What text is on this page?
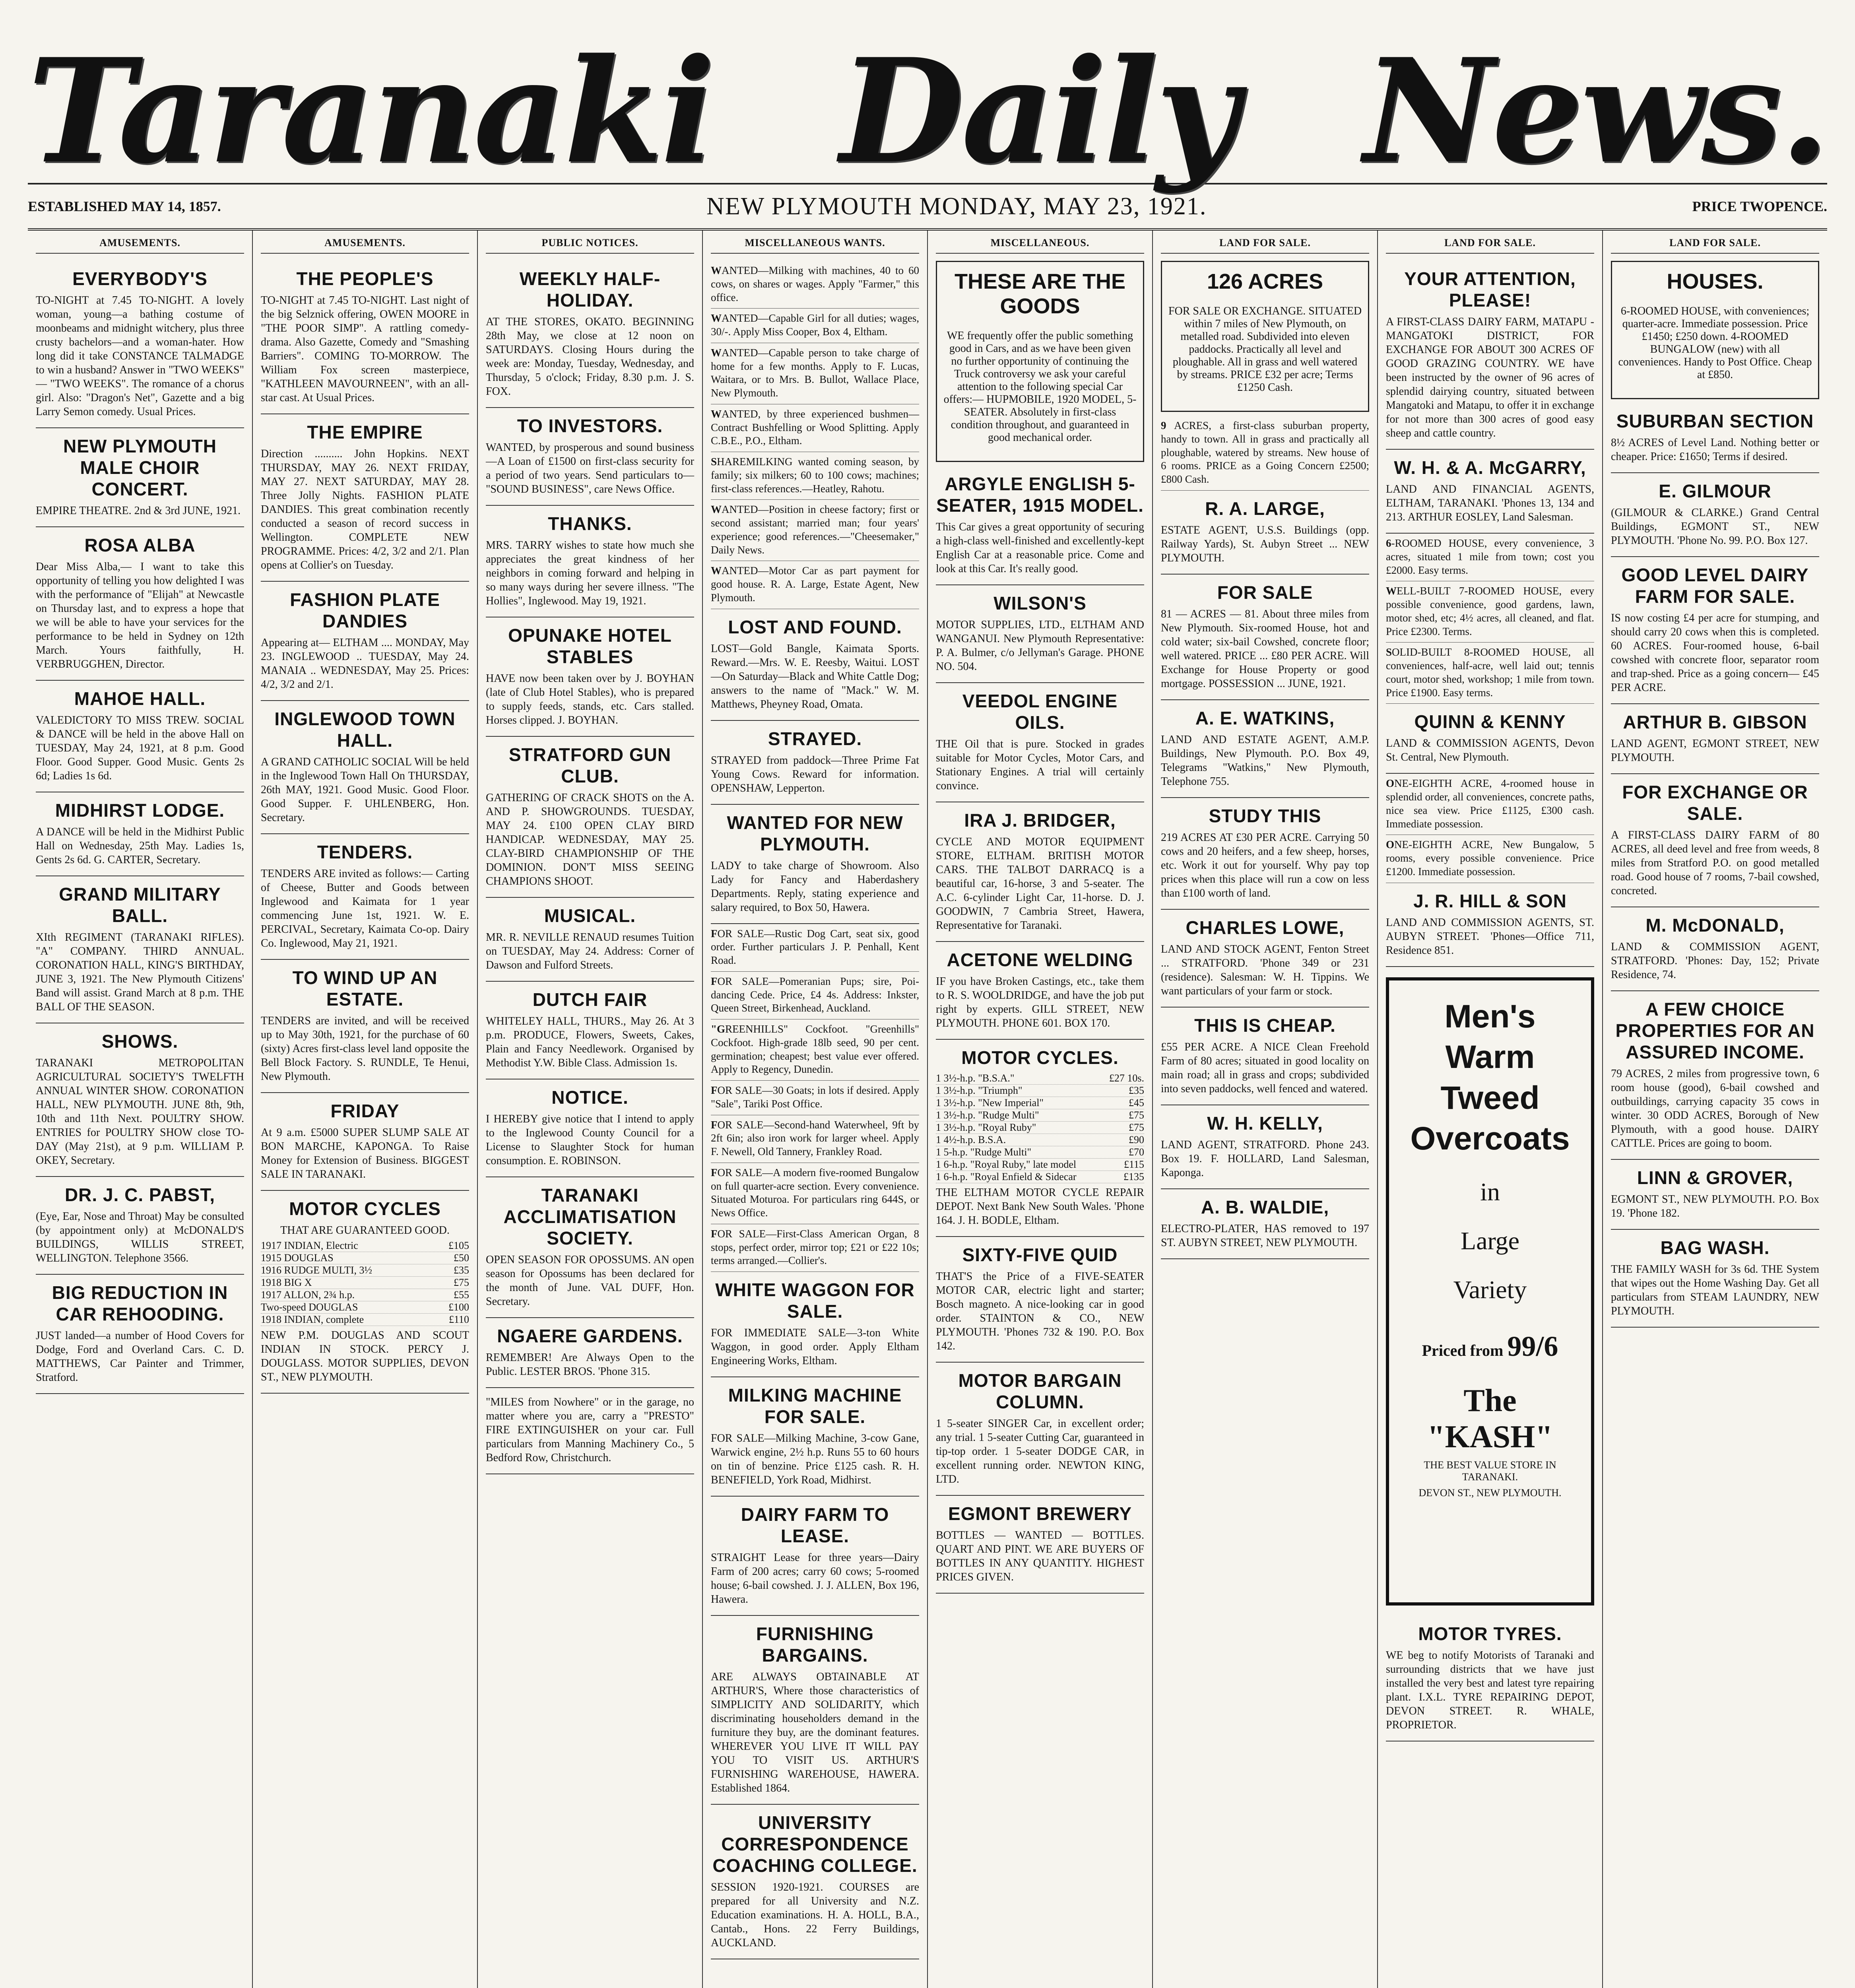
Taranaki Daily News.
ESTABLISHED MAY 14, 1857.	NEW PLYMOUTH MONDAY, MAY 23, 1921.	PRICE TWOPENCE.
AMUSEMENTS.
EVERYBODY'S

TO-NIGHT at 7.45 TO-NIGHT. A lovely woman, young—a bathing costume of moonbeams and midnight witchery, plus three crusty bachelors—and a woman-hater. How long did it take CONSTANCE TALMADGE to win a husband? Answer in "TWO WEEKS" — "TWO WEEKS". The romance of a chorus girl. Also: "Dragon's Net", Gazette and a big Larry Semon comedy. Usual Prices.

NEW PLYMOUTH MALE CHOIR CONCERT.

EMPIRE THEATRE. 2nd & 3rd JUNE, 1921.

ROSA ALBA

Dear Miss Alba,— I want to take this opportunity of telling you how delighted I was with the performance of "Elijah" at Newcastle on Thursday last, and to express a hope that we will be able to have your services for the performance to be held in Sydney on 12th March. Yours faithfully, H. VERBRUGGHEN, Director.

MAHOE HALL.

VALEDICTORY TO MISS TREW. SOCIAL & DANCE will be held in the above Hall on TUESDAY, May 24, 1921, at 8 p.m. Good Floor. Good Supper. Good Music. Gents 2s 6d; Ladies 1s 6d.

MIDHIRST LODGE.

A DANCE will be held in the Midhirst Public Hall on Wednesday, 25th May. Ladies 1s, Gents 2s 6d. G. CARTER, Secretary.

GRAND MILITARY BALL.

XIth REGIMENT (TARANAKI RIFLES). "A" COMPANY. THIRD ANNUAL. CORONATION HALL, KING'S BIRTHDAY, JUNE 3, 1921. The New Plymouth Citizens' Band will assist. Grand March at 8 p.m. THE BALL OF THE SEASON.

SHOWS.

TARANAKI METROPOLITAN AGRICULTURAL SOCIETY'S TWELFTH ANNUAL WINTER SHOW. CORONATION HALL, NEW PLYMOUTH. JUNE 8th, 9th, 10th and 11th Next. POULTRY SHOW. ENTRIES for POULTRY SHOW close TO-DAY (May 21st), at 9 p.m. WILLIAM P. OKEY, Secretary.

DR. J. C. PABST,

(Eye, Ear, Nose and Throat) May be consulted (by appointment only) at McDONALD'S BUILDINGS, WILLIS STREET, WELLINGTON. Telephone 3566.

BIG REDUCTION IN CAR REHOODING.

JUST landed—a number of Hood Covers for Dodge, Ford and Overland Cars. C. D. MATTHEWS, Car Painter and Trimmer, Stratford.

AMUSEMENTS.
THE PEOPLE'S

TO-NIGHT at 7.45 TO-NIGHT. Last night of the big Selznick offering, OWEN MOORE in "THE POOR SIMP". A rattling comedy-drama. Also Gazette, Comedy and "Smashing Barriers". COMING TO-MORROW. The William Fox screen masterpiece, "KATHLEEN MAVOURNEEN", with an all-star cast. At Usual Prices.

THE EMPIRE

Direction .......... John Hopkins. NEXT THURSDAY, MAY 26. NEXT FRIDAY, MAY 27. NEXT SATURDAY, MAY 28. Three Jolly Nights. FASHION PLATE DANDIES. This great combination recently conducted a season of record success in Wellington. COMPLETE NEW PROGRAMME. Prices: 4/2, 3/2 and 2/1. Plan opens at Collier's on Tuesday.

FASHION PLATE DANDIES

Appearing at— ELTHAM .... MONDAY, May 23. INGLEWOOD .. TUESDAY, May 24. MANAIA .. WEDNESDAY, May 25. Prices: 4/2, 3/2 and 2/1.

INGLEWOOD TOWN HALL.

A GRAND CATHOLIC SOCIAL Will be held in the Inglewood Town Hall On THURSDAY, 26th MAY, 1921. Good Music. Good Floor. Good Supper. F. UHLENBERG, Hon. Secretary.

TENDERS.

TENDERS ARE invited as follows:— Carting of Cheese, Butter and Goods between Inglewood and Kaimata for 1 year commencing June 1st, 1921. W. E. PERCIVAL, Secretary, Kaimata Co-op. Dairy Co. Inglewood, May 21, 1921.

TO WIND UP AN ESTATE.

TENDERS are invited, and will be received up to May 30th, 1921, for the purchase of 60 (sixty) Acres first-class level land opposite the Bell Block Factory. S. RUNDLE, Te Henui, New Plymouth.

FRIDAY

At 9 a.m. £5000 SUPER SLUMP SALE AT BON MARCHE, KAPONGA. To Raise Money for Extension of Business. BIGGEST SALE IN TARANAKI.

MOTOR CYCLES

THAT ARE GUARANTEED GOOD.

1917 INDIAN, Electric	£105
1915 DOUGLAS	£50
1916 RUDGE MULTI, 3½	£35
1918 BIG X	£75
1917 ALLON, 2¾ h.p.	£55
Two-speed DOUGLAS	£100
1918 INDIAN, complete	£110

NEW P.M. DOUGLAS AND SCOUT INDIAN IN STOCK. PERCY J. DOUGLASS. MOTOR SUPPLIES, DEVON ST., NEW PLYMOUTH.

PUBLIC NOTICES.
WEEKLY HALF-HOLIDAY.

AT THE STORES, OKATO. BEGINNING 28th May, we close at 12 noon on SATURDAYS. Closing Hours during the week are: Monday, Tuesday, Wednesday, and Thursday, 5 o'clock; Friday, 8.30 p.m. J. S. FOX.

TO INVESTORS.

WANTED, by prosperous and sound business—A Loan of £1500 on first-class security for a period of two years. Send particulars to— "SOUND BUSINESS", care News Office.

THANKS.

MRS. TARRY wishes to state how much she appreciates the great kindness of her neighbors in coming forward and helping in so many ways during her severe illness. "The Hollies", Inglewood. May 19, 1921.

OPUNAKE HOTEL STABLES

HAVE now been taken over by J. BOYHAN (late of Club Hotel Stables), who is prepared to supply feeds, stands, etc. Cars stalled. Horses clipped. J. BOYHAN.

STRATFORD GUN CLUB.

GATHERING OF CRACK SHOTS on the A. AND P. SHOWGROUNDS. TUESDAY, MAY 24. £100 OPEN CLAY BIRD HANDICAP. WEDNESDAY, MAY 25. CLAY-BIRD CHAMPIONSHIP OF THE DOMINION. DON'T MISS SEEING CHAMPIONS SHOOT.

MUSICAL.

MR. R. NEVILLE RENAUD resumes Tuition on TUESDAY, May 24. Address: Corner of Dawson and Fulford Streets.

DUTCH FAIR

WHITELEY HALL, THURS., May 26. At 3 p.m. PRODUCE, Flowers, Sweets, Cakes, Plain and Fancy Needlework. Organised by Methodist Y.W. Bible Class. Admission 1s.

NOTICE.

I HEREBY give notice that I intend to apply to the Inglewood County Council for a License to Slaughter Stock for human consumption. E. ROBINSON.

TARANAKI ACCLIMATISATION SOCIETY.

OPEN SEASON FOR OPOSSUMS. AN open season for Opossums has been declared for the month of June. VAL DUFF, Hon. Secretary.

NGAERE GARDENS.

REMEMBER! Are Always Open to the Public. LESTER BROS. 'Phone 315.

"MILES from Nowhere" or in the garage, no matter where you are, carry a "PRESTO" FIRE EXTINGUISHER on your car. Full particulars from Manning Machinery Co., 5 Bedford Row, Christchurch.

MISCELLANEOUS WANTS.

WANTED—Milking with machines, 40 to 60 cows, on shares or wages. Apply "Farmer," this office.

WANTED—Capable Girl for all duties; wages, 30/-. Apply Miss Cooper, Box 4, Eltham.

WANTED—Capable person to take charge of home for a few months. Apply to F. Lucas, Waitara, or to Mrs. B. Bullot, Wallace Place, New Plymouth.

WANTED, by three experienced bushmen—Contract Bushfelling or Wood Splitting. Apply C.B.E., P.O., Eltham.

SHAREMILKING wanted coming season, by family; six milkers; 60 to 100 cows; machines; first-class references.—Heatley, Rahotu.

WANTED—Position in cheese factory; first or second assistant; married man; four years' experience; good references.—"Cheesemaker," Daily News.

WANTED—Motor Car as part payment for good house. R. A. Large, Estate Agent, New Plymouth.

LOST AND FOUND.

LOST—Gold Bangle, Kaimata Sports. Reward.—Mrs. W. E. Reesby, Waitui. LOST—On Saturday—Black and White Cattle Dog; answers to the name of "Mack." W. M. Matthews, Pheyney Road, Omata.

STRAYED.

STRAYED from paddock—Three Prime Fat Young Cows. Reward for information. OPENSHAW, Lepperton.

WANTED FOR NEW PLYMOUTH.

LADY to take charge of Showroom. Also Lady for Fancy and Haberdashery Departments. Reply, stating experience and salary required, to Box 50, Hawera.

FOR SALE—Rustic Dog Cart, seat six, good order. Further particulars J. P. Penhall, Kent Road.

FOR SALE—Pomeranian Pups; sire, Poi-dancing Cede. Price, £4 4s. Address: Inkster, Queen Street, Birkenhead, Auckland.

"GREENHILLS" Cockfoot. "Greenhills" Cockfoot. High-grade 18lb seed, 90 per cent. germination; cheapest; best value ever offered. Apply to Regency, Dunedin.

FOR SALE—30 Goats; in lots if desired. Apply "Sale", Tariki Post Office.

FOR SALE—Second-hand Waterwheel, 9ft by 2ft 6in; also iron work for larger wheel. Apply F. Newell, Old Tannery, Frankley Road.

FOR SALE—A modern five-roomed Bungalow on full quarter-acre section. Every convenience. Situated Moturoa. For particulars ring 644S, or News Office.

FOR SALE—First-Class American Organ, 8 stops, perfect order, mirror top; £21 or £22 10s; terms arranged.—Collier's.

WHITE WAGGON FOR SALE.

FOR IMMEDIATE SALE—3-ton White Waggon, in good order. Apply Eltham Engineering Works, Eltham.

MILKING MACHINE FOR SALE.

FOR SALE—Milking Machine, 3-cow Gane, Warwick engine, 2½ h.p. Runs 55 to 60 hours on tin of benzine. Price £125 cash. R. H. BENEFIELD, York Road, Midhirst.

DAIRY FARM TO LEASE.

STRAIGHT Lease for three years—Dairy Farm of 200 acres; carry 60 cows; 5-roomed house; 6-bail cowshed. J. J. ALLEN, Box 196, Hawera.

FURNISHING BARGAINS.

ARE ALWAYS OBTAINABLE AT ARTHUR'S, Where those characteristics of SIMPLICITY AND SOLIDARITY, which discriminating householders demand in the furniture they buy, are the dominant features. WHEREVER YOU LIVE IT WILL PAY YOU TO VISIT US. ARTHUR'S FURNISHING WAREHOUSE, HAWERA. Established 1864.

UNIVERSITY CORRESPONDENCE COACHING COLLEGE.

SESSION 1920-1921. COURSES are prepared for all University and N.Z. Education examinations. H. A. HOLL, B.A., Cantab., Hons. 22 Ferry Buildings, AUCKLAND.

MISCELLANEOUS.
THESE ARE THE GOODS

WE frequently offer the public something good in Cars, and as we have been given no further opportunity of continuing the Truck controversy we ask your careful attention to the following special Car offers:— HUPMOBILE, 1920 MODEL, 5-SEATER. Absolutely in first-class condition throughout, and guaranteed in good mechanical order.

ARGYLE ENGLISH 5-SEATER, 1915 MODEL.

This Car gives a great opportunity of securing a high-class well-finished and excellently-kept English Car at a reasonable price. Come and look at this Car. It's really good.

WILSON'S

MOTOR SUPPLIES, LTD., ELTHAM AND WANGANUI. New Plymouth Representative: P. A. Bulmer, c/o Jellyman's Garage. PHONE NO. 504.

VEEDOL ENGINE OILS.

THE Oil that is pure. Stocked in grades suitable for Motor Cycles, Motor Cars, and Stationary Engines. A trial will certainly convince.

IRA J. BRIDGER,

CYCLE AND MOTOR EQUIPMENT STORE, ELTHAM. BRITISH MOTOR CARS. THE TALBOT DARRACQ is a beautiful car, 16-horse, 3 and 5-seater. The A.C. 6-cylinder Light Car, 11-horse. D. J. GOODWIN, 7 Cambria Street, Hawera, Representative for Taranaki.

ACETONE WELDING

IF you have Broken Castings, etc., take them to R. S. WOOLDRIDGE, and have the job put right by experts. GILL STREET, NEW PLYMOUTH. PHONE 601. BOX 170.

MOTOR CYCLES.
1 3½-h.p. "B.S.A."	£27 10s.
1 3½-h.p. "Triumph"	£35
1 3½-h.p. "New Imperial"	£45
1 3½-h.p. "Rudge Multi"	£75
1 3½-h.p. "Royal Ruby"	£75
1 4½-h.p. B.S.A.	£90
1 5-h.p. "Rudge Multi"	£70
1 6-h.p. "Royal Ruby," late model	£115
1 6-h.p. "Royal Enfield & Sidecar	£135

THE ELTHAM MOTOR CYCLE REPAIR DEPOT. Next Bank New South Wales. 'Phone 164. J. H. BODLE, Eltham.

SIXTY-FIVE QUID

THAT'S the Price of a FIVE-SEATER MOTOR CAR, electric light and starter; Bosch magneto. A nice-looking car in good order. STAINTON & CO., NEW PLYMOUTH. 'Phones 732 & 190. P.O. Box 142.

MOTOR BARGAIN COLUMN.

1 5-seater SINGER Car, in excellent order; any trial. 1 5-seater Cutting Car, guaranteed in tip-top order. 1 5-seater DODGE CAR, in excellent running order. NEWTON KING, LTD.

EGMONT BREWERY

BOTTLES — WANTED — BOTTLES. QUART AND PINT. WE ARE BUYERS OF BOTTLES IN ANY QUANTITY. HIGHEST PRICES GIVEN.

LAND FOR SALE.
126 ACRES

FOR SALE OR EXCHANGE. SITUATED within 7 miles of New Plymouth, on metalled road. Subdivided into eleven paddocks. Practically all level and ploughable. All in grass and well watered by streams. PRICE £32 per acre; Terms £1250 Cash.

9 ACRES, a first-class suburban property, handy to town. All in grass and practically all ploughable, watered by streams. New house of 6 rooms. PRICE as a Going Concern £2500; £800 Cash.

R. A. LARGE,

ESTATE AGENT, U.S.S. Buildings (opp. Railway Yards), St. Aubyn Street ... NEW PLYMOUTH.

FOR SALE

81 — ACRES — 81. About three miles from New Plymouth. Six-roomed House, hot and cold water; six-bail Cowshed, concrete floor; well watered. PRICE ... £80 PER ACRE. Will Exchange for House Property or good mortgage. POSSESSION ... JUNE, 1921.

A. E. WATKINS,

LAND AND ESTATE AGENT, A.M.P. Buildings, New Plymouth. P.O. Box 49, Telegrams "Watkins," New Plymouth, Telephone 755.

STUDY THIS

219 ACRES AT £30 PER ACRE. Carrying 50 cows and 20 heifers, and a few sheep, horses, etc. Work it out for yourself. Why pay top prices when this place will run a cow on less than £100 worth of land.

CHARLES LOWE,

LAND AND STOCK AGENT, Fenton Street ... STRATFORD. 'Phone 349 or 231 (residence). Salesman: W. H. Tippins. We want particulars of your farm or stock.

THIS IS CHEAP.

£55 PER ACRE. A NICE Clean Freehold Farm of 80 acres; situated in good locality on main road; all in grass and crops; subdivided into seven paddocks, well fenced and watered.

W. H. KELLY,

LAND AGENT, STRATFORD. Phone 243. Box 19. F. HOLLARD, Land Salesman, Kaponga.

A. B. WALDIE,

ELECTRO-PLATER, HAS removed to 197 ST. AUBYN STREET, NEW PLYMOUTH.

LAND FOR SALE.
YOUR ATTENTION, PLEASE!

A FIRST-CLASS DAIRY FARM, MATAPU - MANGATOKI DISTRICT, FOR EXCHANGE FOR ABOUT 300 ACRES OF GOOD GRAZING COUNTRY. WE have been instructed by the owner of 96 acres of splendid dairying country, situated between Mangatoki and Matapu, to offer it in exchange for not more than 300 acres of good easy sheep and cattle country.

W. H. & A. McGARRY,

LAND AND FINANCIAL AGENTS, ELTHAM, TARANAKI. 'Phones 13, 134 and 213. ARTHUR EOSLEY, Land Salesman.

6-ROOMED HOUSE, every convenience, 3 acres, situated 1 mile from town; cost you £2000. Easy terms.

WELL-BUILT 7-ROOMED HOUSE, every possible convenience, good gardens, lawn, motor shed, etc; 4½ acres, all cleaned, and flat. Price £2300. Terms.

SOLID-BUILT 8-ROOMED HOUSE, all conveniences, half-acre, well laid out; tennis court, motor shed, workshop; 1 mile from town. Price £1900. Easy terms.

QUINN & KENNY

LAND & COMMISSION AGENTS, Devon St. Central, New Plymouth.

ONE-EIGHTH ACRE, 4-roomed house in splendid order, all conveniences, concrete paths, nice sea view. Price £1125, £300 cash. Immediate possession.

ONE-EIGHTH ACRE, New Bungalow, 5 rooms, every possible convenience. Price £1200. Immediate possession.

J. R. HILL & SON

LAND AND COMMISSION AGENTS, ST. AUBYN STREET. 'Phones—Office 711, Residence 851.

Men's
Warm Tweed
Overcoats
in
Large
Variety
Priced from 99/6
The "KASH"
THE BEST VALUE STORE IN TARANAKI.
DEVON ST., NEW PLYMOUTH.
MOTOR TYRES.

WE beg to notify Motorists of Taranaki and surrounding districts that we have just installed the very best and latest tyre repairing plant. I.X.L. TYRE REPAIRING DEPOT, DEVON STREET. R. WHALE, PROPRIETOR.

LAND FOR SALE.
HOUSES.

6-ROOMED HOUSE, with conveniences; quarter-acre. Immediate possession. Price £1450; £250 down. 4-ROOMED BUNGALOW (new) with all conveniences. Handy to Post Office. Cheap at £850.

SUBURBAN SECTION

8½ ACRES of Level Land. Nothing better or cheaper. Price: £1650; Terms if desired.

E. GILMOUR

(GILMOUR & CLARKE.) Grand Central Buildings, EGMONT ST., NEW PLYMOUTH. 'Phone No. 99. P.O. Box 127.

GOOD LEVEL DAIRY FARM FOR SALE.

IS now costing £4 per acre for stumping, and should carry 20 cows when this is completed. 60 ACRES. Four-roomed house, 6-bail cowshed with concrete floor, separator room and trap-shed. Price as a going concern— £45 PER ACRE.

ARTHUR B. GIBSON

LAND AGENT, EGMONT STREET, NEW PLYMOUTH.

FOR EXCHANGE OR SALE.

A FIRST-CLASS DAIRY FARM of 80 ACRES, all deed level and free from weeds, 8 miles from Stratford P.O. on good metalled road. Good house of 7 rooms, 7-bail cowshed, concreted.

M. McDONALD,

LAND & COMMISSION AGENT, STRATFORD. 'Phones: Day, 152; Private Residence, 74.

A FEW CHOICE PROPERTIES FOR AN ASSURED INCOME.

79 ACRES, 2 miles from progressive town, 6 room house (good), 6-bail cowshed and outbuildings, carrying capacity 35 cows in winter. 30 ODD ACRES, Borough of New Plymouth, with a good house. DAIRY CATTLE. Prices are going to boom.

LINN & GROVER,

EGMONT ST., NEW PLYMOUTH. P.O. Box 19. 'Phone 182.

BAG WASH.

THE FAMILY WASH for 3s 6d. THE System that wipes out the Home Washing Day. Get all particulars from STEAM LAUNDRY, NEW PLYMOUTH.
